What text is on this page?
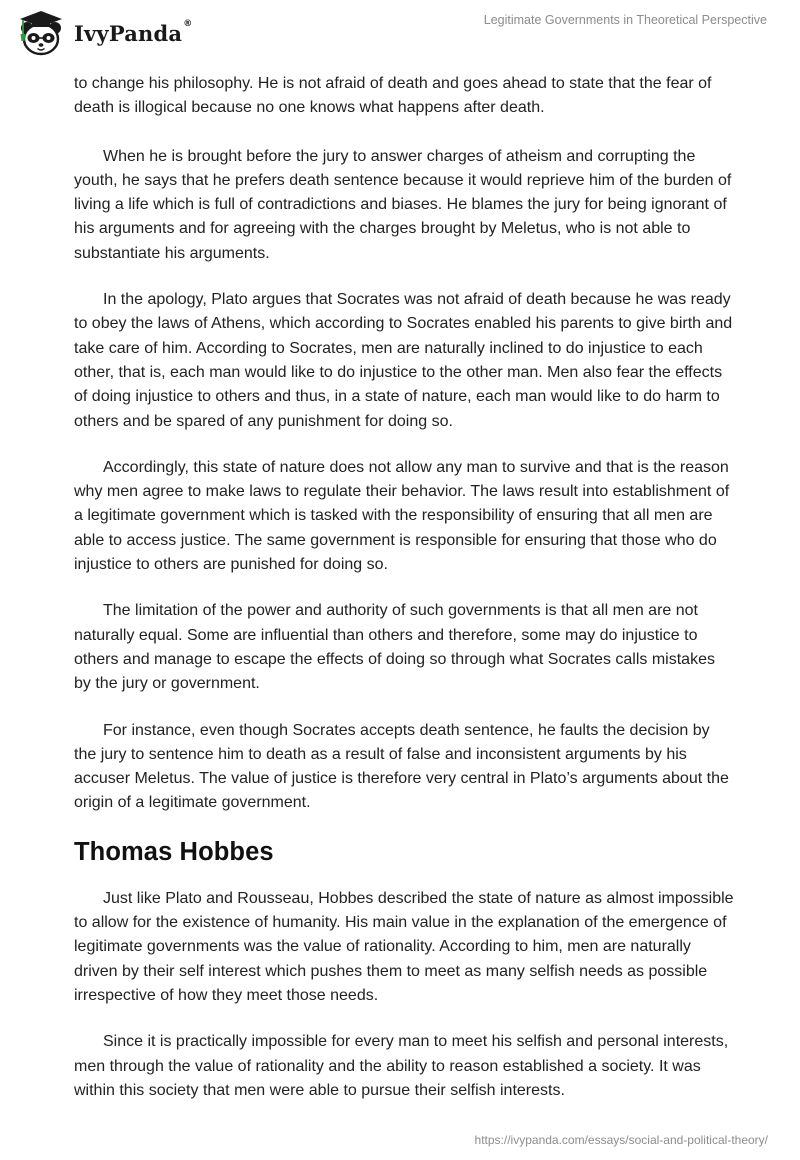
IvyPanda®	Legitimate Governments in Theoretical Perspective

to change his philosophy. He is not afraid of death and goes ahead to state that the fear of death is illogical because no one knows what happens after death.

When he is brought before the jury to answer charges of atheism and corrupting the youth, he says that he prefers death sentence because it would reprieve him of the burden of living a life which is full of contradictions and biases. He blames the jury for being ignorant of his arguments and for agreeing with the charges brought by Meletus, who is not able to substantiate his arguments.

In the apology, Plato argues that Socrates was not afraid of death because he was ready to obey the laws of Athens, which according to Socrates enabled his parents to give birth and take care of him. According to Socrates, men are naturally inclined to do injustice to each other, that is, each man would like to do injustice to the other man. Men also fear the effects of doing injustice to others and thus, in a state of nature, each man would like to do harm to others and be spared of any punishment for doing so.

Accordingly, this state of nature does not allow any man to survive and that is the reason why men agree to make laws to regulate their behavior. The laws result into establishment of a legitimate government which is tasked with the responsibility of ensuring that all men are able to access justice. The same government is responsible for ensuring that those who do injustice to others are punished for doing so.

The limitation of the power and authority of such governments is that all men are not naturally equal. Some are influential than others and therefore, some may do injustice to others and manage to escape the effects of doing so through what Socrates calls mistakes by the jury or government.

For instance, even though Socrates accepts death sentence, he faults the decision by the jury to sentence him to death as a result of false and inconsistent arguments by his accuser Meletus. The value of justice is therefore very central in Plato’s arguments about the origin of a legitimate government.

Thomas Hobbes

Just like Plato and Rousseau, Hobbes described the state of nature as almost impossible to allow for the existence of humanity. His main value in the explanation of the emergence of legitimate governments was the value of rationality. According to him, men are naturally driven by their self interest which pushes them to meet as many selfish needs as possible irrespective of how they meet those needs.

Since it is practically impossible for every man to meet his selfish and personal interests, men through the value of rationality and the ability to reason established a society. It was within this society that men were able to pursue their selfish interests.

https://ivypanda.com/essays/social-and-political-theory/
